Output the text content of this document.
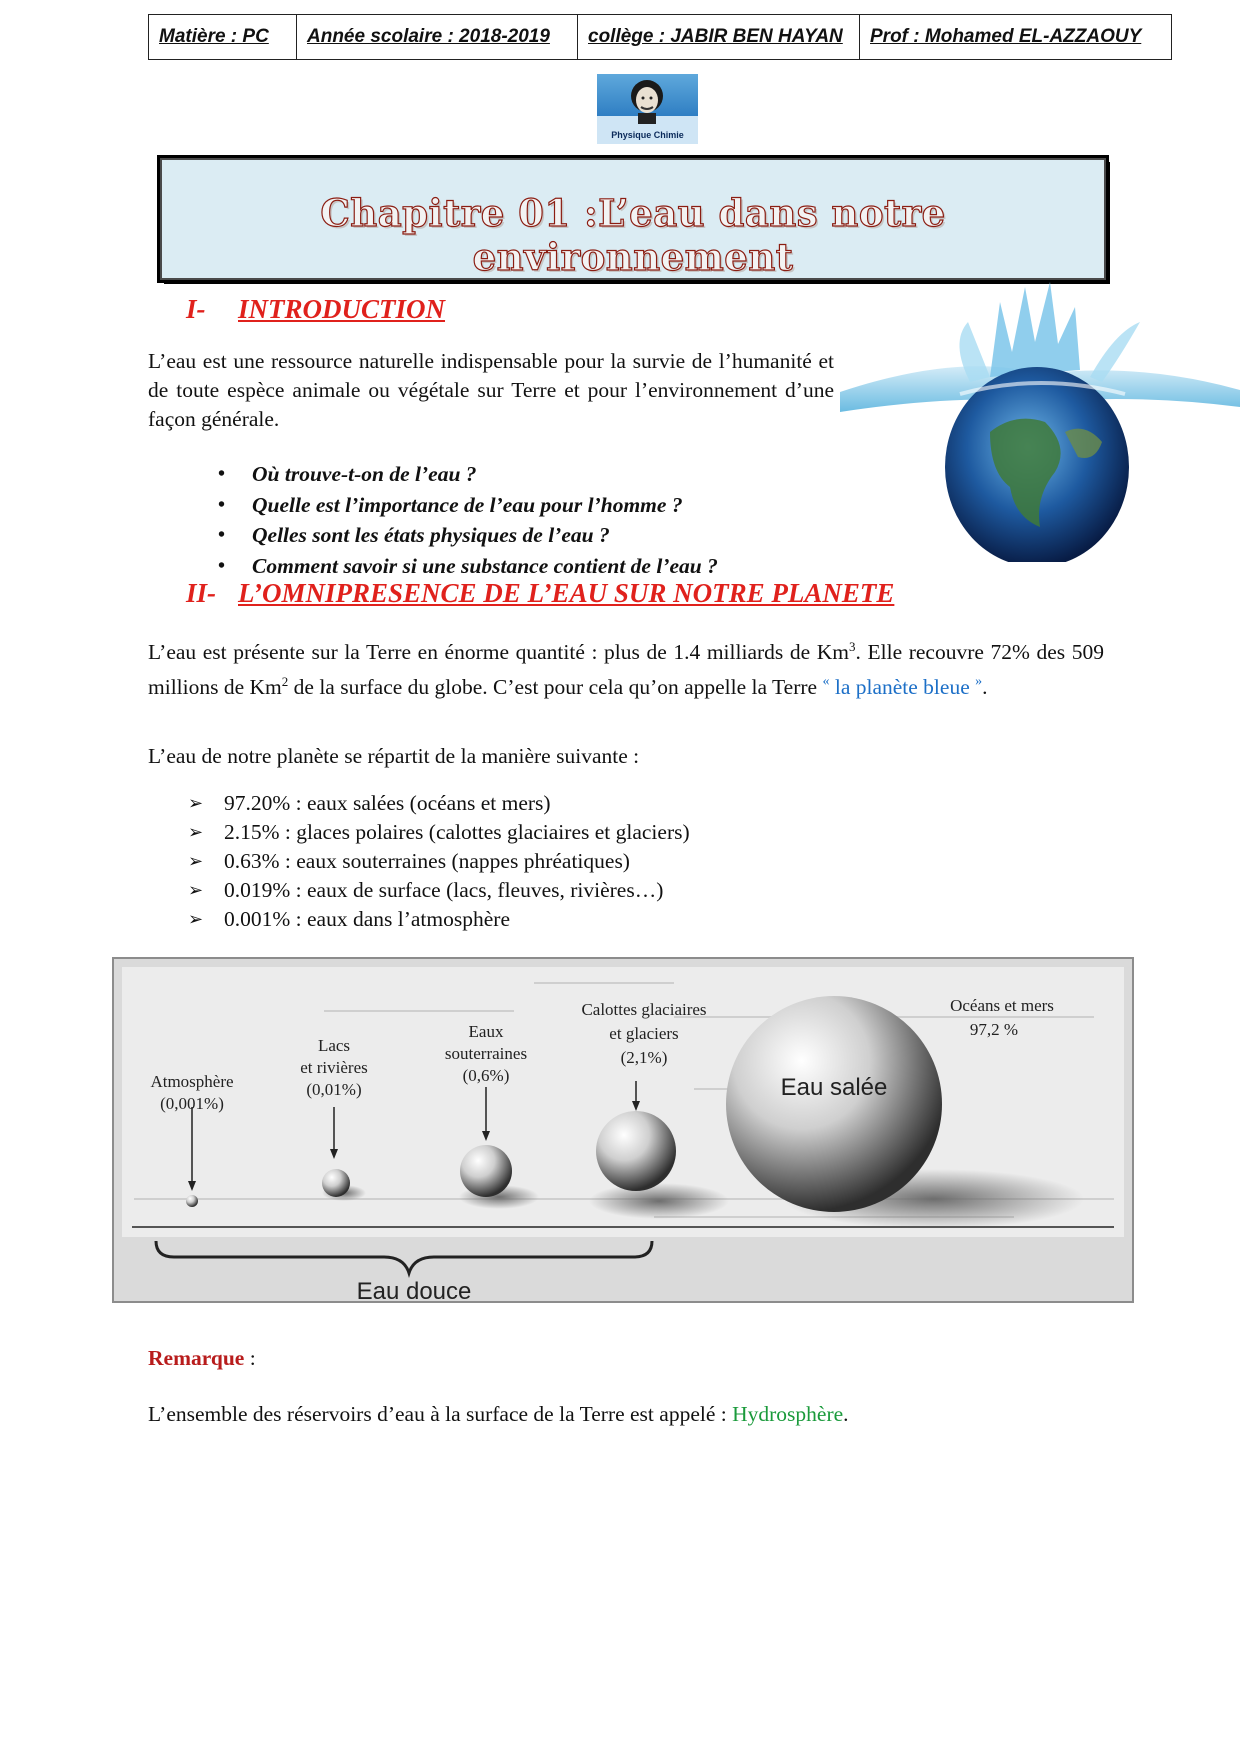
Matière : PC	Année scolaire : 2018-2019	collège : JABIR BEN HAYAN	Prof : Mohamed EL-AZZAOUY
Physique Chimie
Chapitre 01 :L’eau dans notre environnement
I- INTRODUCTION
L’eau est une ressource naturelle indispensable pour la survie de l’humanité et de toute espèce animale ou végétale sur Terre et pour l’environnement d’une façon générale.
• Où trouve-t-on de l’eau ?
• Quelle est l’importance de l’eau pour l’homme ?
• Qelles sont les états physiques de l’eau ?
• Comment savoir si une substance contient de l’eau ?
II- L’OMNIPRESENCE DE L’EAU SUR NOTRE PLANETE
L’eau est présente sur la Terre en énorme quantité : plus de 1.4 milliards de Km$^3$. Elle recouvre 72% des 509 millions de Km$^2$ de la surface du globe. C’est pour cela qu’on appelle la Terre « la planète bleue ».
L’eau de notre planète se répartit de la manière suivante :
➢ 97.20% : eaux salées (océans et mers)
➢ 2.15% : glaces polaires (calottes glaciaires et glaciers)
➢ 0.63% : eaux souterraines (nappes phréatiques)
➢ 0.019% : eaux de surface (lacs, fleuves, rivières…)
➢ 0.001% : eaux dans l’atmosphère
Atmosphère
(0,001%)
Lacs
et rivières
(0,01%)
Eaux
souterraines
(0,6%)
Calottes glaciaires
et glaciers
(2,1%)
Océans et mers
97,2 %
Eau salée
Eau douce
Remarque :
L’ensemble des réservoirs d’eau à la surface de la Terre est appelé : Hydrosphère.
